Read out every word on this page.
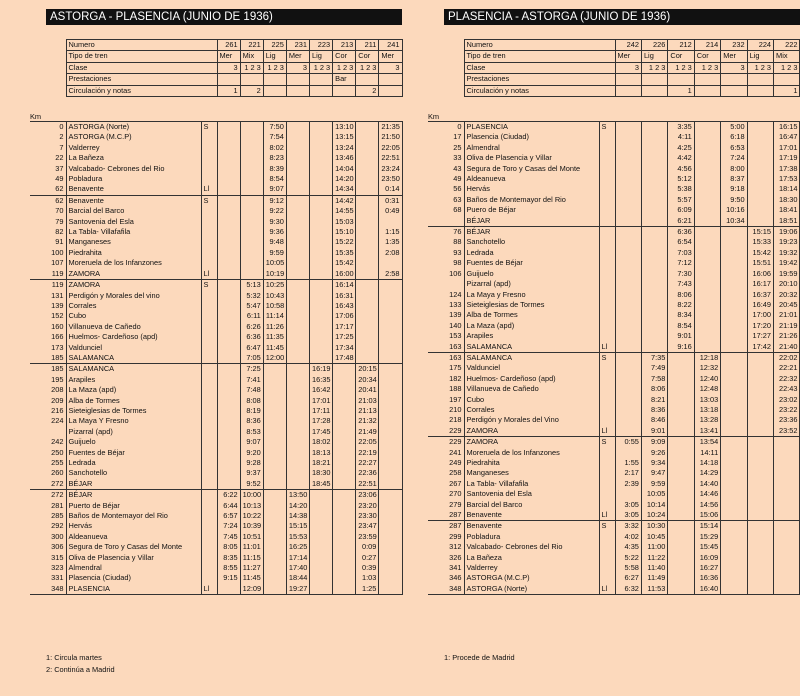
ASTORGA - PLASENCIA (JUNIO DE 1936)
	Numero	261	221	225	231	223	213	211	241
	Tipo de tren	Mer	Mix	Lig	Mer	Lig	Cor	Cor	Mer
	Clase	3	1 2 3	1 2 3	3	1 2 3	1 2 3	1 2 3	3
	Prestaciones						Bar		
	Circulación y notas	1	2					2	
Km
0	ASTORGA (Norte)	S			7:50			13:10		21:35
2	ASTORGA (M.C.P)				7:54			13:15		21:50
7	Valderrey				8:02			13:24		22:05
22	La Bañeza				8:23			13:46		22:51
37	Valcabado- Cebrones del Rio				8:39			14:04		23:24
49	Pobladura				8:54			14:20		23:50
62	Benavente	Ll			9:07			14:34		0:14
62	Benavente	S			9:12			14:42		0:31
70	Barcial del Barco				9:22			14:55		0:49
79	Santovenia del Esla				9:30			15:03		
82	La Tabla- Villafafila				9:36			15:10		1:15
91	Manganeses				9:48			15:22		1:35
100	Piedrahita				9:59			15:35		2:08
107	Moreruela de los Infanzones				10:05			15:42		
119	ZAMORA	Ll			10:19			16:00		2:58
119	ZAMORA	S		5:13	10:25			16:14		
131	Perdigón y Morales del vino			5:32	10:43			16:31		
139	Corrales			5:47	10:58			16:43		
152	Cubo			6:11	11:14			17:06		
160	Villanueva de Cañedo			6:26	11:26			17:17		
166	Huelmos- Cardeñoso (apd)			6:36	11:35			17:25		
173	Valdunciel			6:47	11:45			17:34		
185	SALAMANCA			7:05	12:00			17:48		
185	SALAMANCA			7:25			16:19		20:15	
195	Arapiles			7:41			16:35		20:34	
208	La Maza (apd)			7:48			16:42		20:41	
209	Alba de Tormes			8:08			17:01		21:03	
216	Sieteiglesias de Tormes			8:19			17:11		21:13	
224	La Maya Y Fresno			8:36			17:28		21:32	
	Pizarral (apd)			8:53			17:45		21:49	
242	Guijuelo			9:07			18:02		22:05	
250	Fuentes de Béjar			9:20			18:13		22:19	
255	Ledrada			9:28			18:21		22:27	
260	Sanchotello			9:37			18:30		22:36	
272	BÉJAR			9:52			18:45		22:51	
272	BÉJAR		6:22	10:00		13:50			23:06	
281	Puerto de Béjar		6:44	10:13		14:20			23:20	
285	Baños de Montemayor del Rio		6:57	10:22		14:38			23:30	
292	Hervás		7:24	10:39		15:15			23:47	
300	Aldeanueva		7:45	10:51		15:53			23:59	
306	Segura de Toro y Casas del Monte		8:05	11:01		16:25			0:09	
315	Oliva de Plasencia y Villar		8:35	11:15		17:14			0:27	
323	Almendral		8:55	11:27		17:40			0:39	
331	Plasencia (Ciudad)		9:15	11:45		18:44			1:03	
348	PLASENCIA	Ll		12:09		19:27			1:25	
PLASENCIA - ASTORGA (JUNIO DE 1936)
	Numero	242	226	212	214	232	224	222
	Tipo de tren	Mer	Lig	Cor	Cor	Mer	Lig	Mix
	Clase	3	1 2 3	1 2 3	1 2 3	3	1 2 3	1 2 3
	Prestaciones							
	Circulación y notas			1				1
Km
0	PLASENCIA	S			3:35		5:00		16:15
17	Plasencia (Ciudad)				4:11		6:18		16:47
25	Almendral				4:25		6:53		17:01
33	Oliva de Plasencia y Villar				4:42		7:24		17:19
43	Segura de Toro y Casas del Monte				4:56		8:00		17:38
49	Aldeanueva				5:12		8:37		17:53
56	Hervás				5:38		9:18		18:14
63	Baños de Montemayor del Rio				5:57		9:50		18:30
68	Puero de Béjar				6:09		10:16		18:41
	BÉJAR				6:21		10:34		18:51
76	BÉJAR				6:36			15:15	19:06
88	Sanchotello				6:54			15:33	19:23
93	Ledrada				7:03			15:42	19:32
98	Fuentes de Béjar				7:12			15:51	19:42
106	Guijuelo				7:30			16:06	19:59
	Pizarral (apd)				7:43			16:17	20:10
124	La Maya y Fresno				8:06			16:37	20:32
133	Sieteiglesias de Tormes				8:22			16:49	20:45
139	Alba de Tormes				8:34			17:00	21:01
140	La Maza (apd)				8:54			17:20	21:19
153	Arapiles				9:01			17:27	21:26
163	SALAMANCA	Ll			9:16			17:42	21:40
163	SALAMANCA	S		7:35		12:18			22:02
175	Valdunciel			7:49		12:32			22:21
182	Huelmos- Cardeñoso (apd)			7:58		12:40			22:32
188	Villanueva de Cañedo			8:06		12:48			22:43
197	Cubo			8:21		13:03			23:02
210	Corrales			8:36		13:18			23:22
218	Perdigón y Morales del Vino			8:46		13:28			23:36
229	ZAMORA	Ll		9:01		13:41			23:52
229	ZAMORA	S	0:55	9:09		13:54			
241	Moreruela de los Infanzones			9:26		14:11			
249	Piedrahita		1:55	9:34		14:18			
258	Manganeses		2:17	9:47		14:29			
267	La Tabla- Villafafila		2:39	9:59		14:40			
270	Santovenia del Esla			10:05		14:46			
279	Barcial del Barco		3:05	10:14		14:56			
287	Benavente	Ll	3:05	10:24		15:06			
287	Benavente	S	3:32	10:30		15:14			
299	Pobladura		4:02	10:45		15:29			
312	Valcabado- Cebrones del Rio		4:35	11:00		15:45			
326	La Bañeza		5:22	11:22		16:09			
341	Valderrey		5:58	11:40		16:27			
346	ASTORGA (M.C.P)		6:27	11:49		16:36			
348	ASTORGA (Norte)	Ll	6:32	11:53		16:40			
1: Circula martes
2: Continúa a Madrid
1: Procede de Madrid
